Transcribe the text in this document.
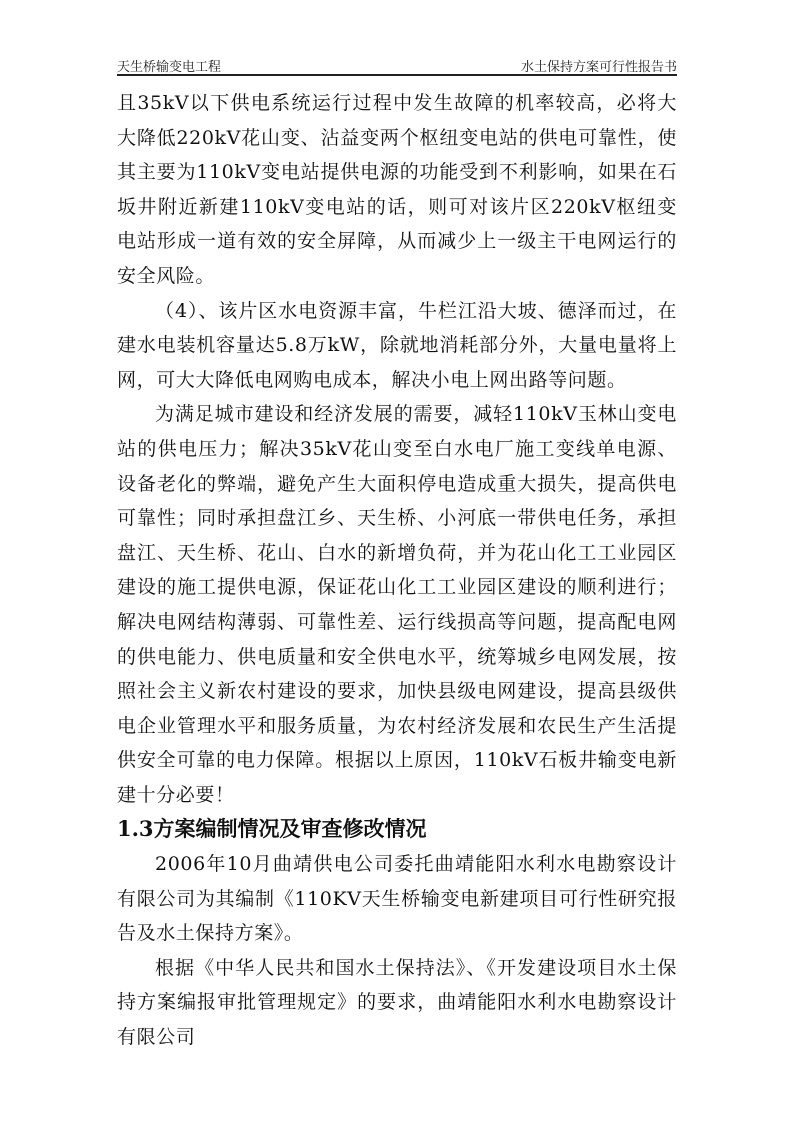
天生桥输变电工程	水土保持方案可行性报告书

且35kV以下供电系统运行过程中发生故障的机率较高，必将大大降低220kV花山变、沾益变两个枢纽变电站的供电可靠性，使其主要为110kV变电站提供电源的功能受到不利影响，如果在石坂井附近新建110kV变电站的话，则可对该片区220kV枢纽变电站形成一道有效的安全屏障，从而减少上一级主干电网运行的安全风险。

（4）、该片区水电资源丰富，牛栏江沿大坡、德泽而过，在建水电装机容量达5.8万kW，除就地消耗部分外，大量电量将上网，可大大降低电网购电成本，解决小电上网出路等问题。

为满足城市建设和经济发展的需要，减轻110kV玉林山变电站的供电压力；解决35kV花山变至白水电厂施工变线单电源、设备老化的弊端，避免产生大面积停电造成重大损失，提高供电可靠性；同时承担盘江乡、天生桥、小河底一带供电任务，承担盘江、天生桥、花山、白水的新增负荷，并为花山化工工业园区建设的施工提供电源，保证花山化工工业园区建设的顺利进行；解决电网结构薄弱、可靠性差、运行线损高等问题，提高配电网的供电能力、供电质量和安全供电水平，统筹城乡电网发展，按照社会主义新农村建设的要求，加快县级电网建设，提高县级供电企业管理水平和服务质量，为农村经济发展和农民生产生活提供安全可靠的电力保障。根据以上原因，110kV石板井输变电新建十分必要！

1.3方案编制情况及审查修改情况

2006年10月曲靖供电公司委托曲靖能阳水利水电勘察设计有限公司为其编制《110KV天生桥输变电新建项目可行性研究报告及水土保持方案》。

根据《中华人民共和国水土保持法》、《开发建设项目水土保持方案编报审批管理规定》的要求，曲靖能阳水利水电勘察设计有限公司
